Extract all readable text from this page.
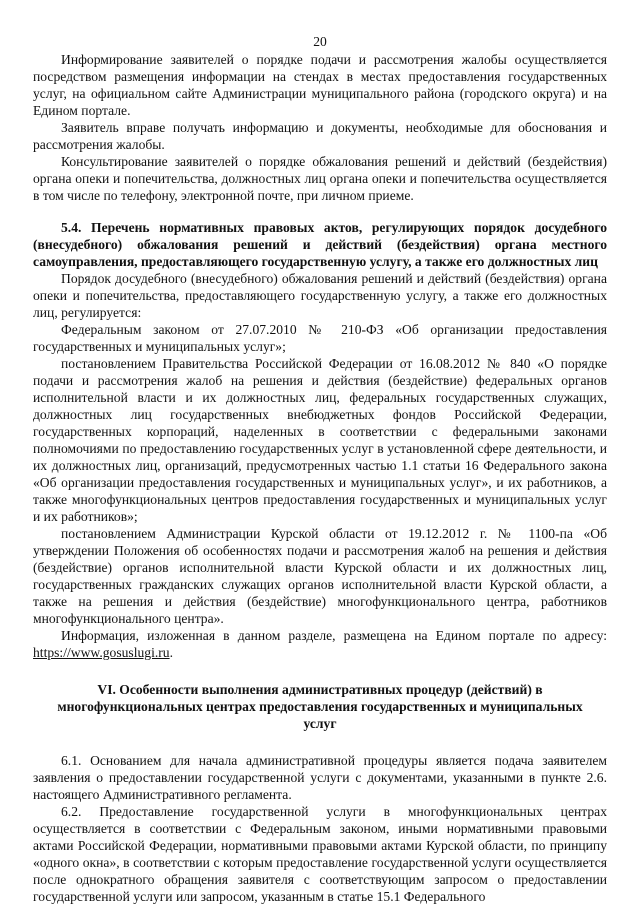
20

Информирование заявителей о порядке подачи и рассмотрения жалобы осуществляется посредством размещения информации на стендах в местах предоставления государственных услуг, на официальном сайте Администрации муниципального района (городского округа) и на Едином портале.

Заявитель вправе получать информацию и документы, необходимые для обоснования и рассмотрения жалобы.

Консультирование заявителей о порядке обжалования решений и действий (бездействия) органа опеки и попечительства, должностных лиц органа опеки и попечительства осуществляется в том числе по телефону, электронной почте, при личном приеме.

5.4. Перечень нормативных правовых актов, регулирующих порядок досудебного (внесудебного) обжалования решений и действий (бездействия) органа местного самоуправления, предоставляющего государственную услугу, а также его должностных лиц

Порядок досудебного (внесудебного) обжалования решений и действий (бездействия) органа опеки и попечительства, предоставляющего государственную услугу, а также его должностных лиц, регулируется:

Федеральным законом от 27.07.2010 № 210-ФЗ «Об организации предоставления государственных и муниципальных услуг»;

постановлением Правительства Российской Федерации от 16.08.2012 № 840 «О порядке подачи и рассмотрения жалоб на решения и действия (бездействие) федеральных органов исполнительной власти и их должностных лиц, федеральных государственных служащих, должностных лиц государственных внебюджетных фондов Российской Федерации, государственных корпораций, наделенных в соответствии с федеральными законами полномочиями по предоставлению государственных услуг в установленной сфере деятельности, и их должностных лиц, организаций, предусмотренных частью 1.1 статьи 16 Федерального закона «Об организации предоставления государственных и муниципальных услуг», и их работников, а также многофункциональных центров предоставления государственных и муниципальных услуг и их работников»;

постановлением Администрации Курской области от 19.12.2012 г. № 1100-па «Об утверждении Положения об особенностях подачи и рассмотрения жалоб на решения и действия (бездействие) органов исполнительной власти Курской области и их должностных лиц, государственных гражданских служащих органов исполнительной власти Курской области, а также на решения и действия (бездействие) многофункционального центра, работников многофункционального центра».

Информация, изложенная в данном разделе, размещена на Едином портале по адресу: https://www.gosuslugi.ru.

VI. Особенности выполнения административных процедур (действий) в многофункциональных центрах предоставления государственных и муниципальных услуг

6.1. Основанием для начала административной процедуры является подача заявителем заявления о предоставлении государственной услуги с документами, указанными в пункте 2.6. настоящего Административного регламента.

6.2. Предоставление государственной услуги в многофункциональных центрах осуществляется в соответствии с Федеральным законом, иными нормативными правовыми актами Российской Федерации, нормативными правовыми актами Курской области, по принципу «одного окна», в соответствии с которым предоставление государственной услуги осуществляется после однократного обращения заявителя с соответствующим запросом о предоставлении государственной услуги или запросом, указанным в статье 15.1 Федерального
